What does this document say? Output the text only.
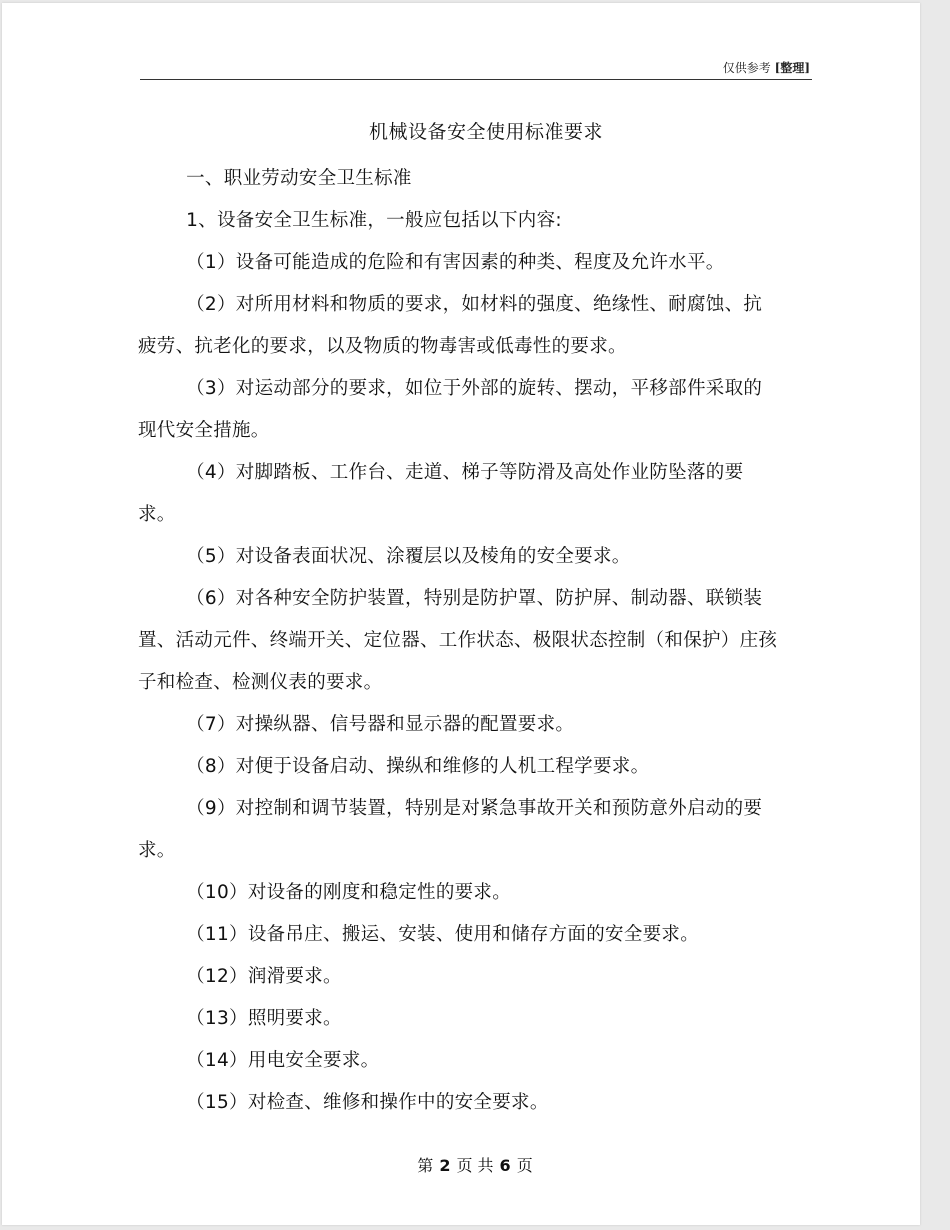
仅供参考 [整理]
机械设备安全使用标准要求

一、职业劳动安全卫生标准

1、设备安全卫生标准，一般应包括以下内容:

（1）设备可能造成的危险和有害因素的种类、程度及允许水平。

（2）对所用材料和物质的要求，如材料的强度、绝缘性、耐腐蚀、抗疲劳、抗老化的要求，以及物质的物毒害或低毒性的要求。

（3）对运动部分的要求，如位于外部的旋转、摆动，平移部件采取的现代安全措施。

（4）对脚踏板、工作台、走道、梯子等防滑及高处作业防坠落的要求。

（5）对设备表面状况、涂覆层以及棱角的安全要求。

（6）对各种安全防护装置，特别是防护罩、防护屏、制动器、联锁装置、活动元件、终端开关、定位器、工作状态、极限状态控制（和保护）庄孩子和检查、检测仪表的要求。

（7）对操纵器、信号器和显示器的配置要求。

（8）对便于设备启动、操纵和维修的人机工程学要求。

（9）对控制和调节装置，特别是对紧急事故开关和预防意外启动的要求。

（10）对设备的刚度和稳定性的要求。

（11）设备吊庄、搬运、安装、使用和储存方面的安全要求。

（12）润滑要求。

（13）照明要求。

（14）用电安全要求。

（15）对检查、维修和操作中的安全要求。

第 2 页 共 6 页
